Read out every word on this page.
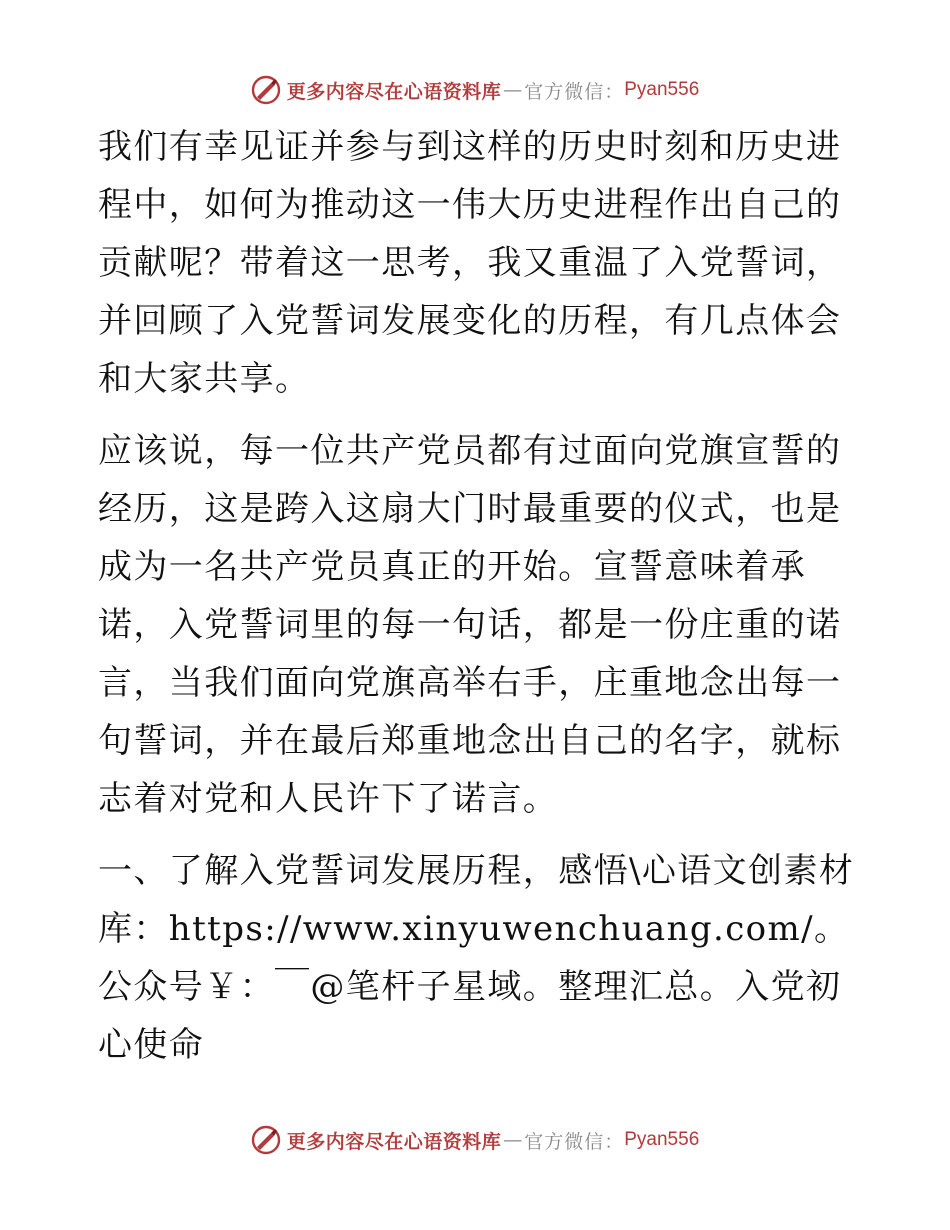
更多内容尽在心语资料库 — 官方微信： Pyan556

我们有幸见证并参与到这样的历史时刻和历史进程中，如何为推动这一伟大历史进程作出自己的贡献呢？带着这一思考，我又重温了入党誓词，并回顾了入党誓词发展变化的历程，有几点体会和大家共享。

应该说，每一位共产党员都有过面向党旗宣誓的经历，这是跨入这扇大门时最重要的仪式，也是成为一名共产党员真正的开始。宣誓意味着承诺，入党誓词里的每一句话，都是一份庄重的诺言，当我们面向党旗高举右手，庄重地念出每一句誓词，并在最后郑重地念出自己的名字，就标志着对党和人民许下了诺言。

一、了解入党誓词发展历程，感悟\心语文创素材库：https://www.xinyuwenchuang.com/。公众号￥：￣@笔杆子星域。整理汇总。入党初心使命

更多内容尽在心语资料库 — 官方微信： Pyan556
